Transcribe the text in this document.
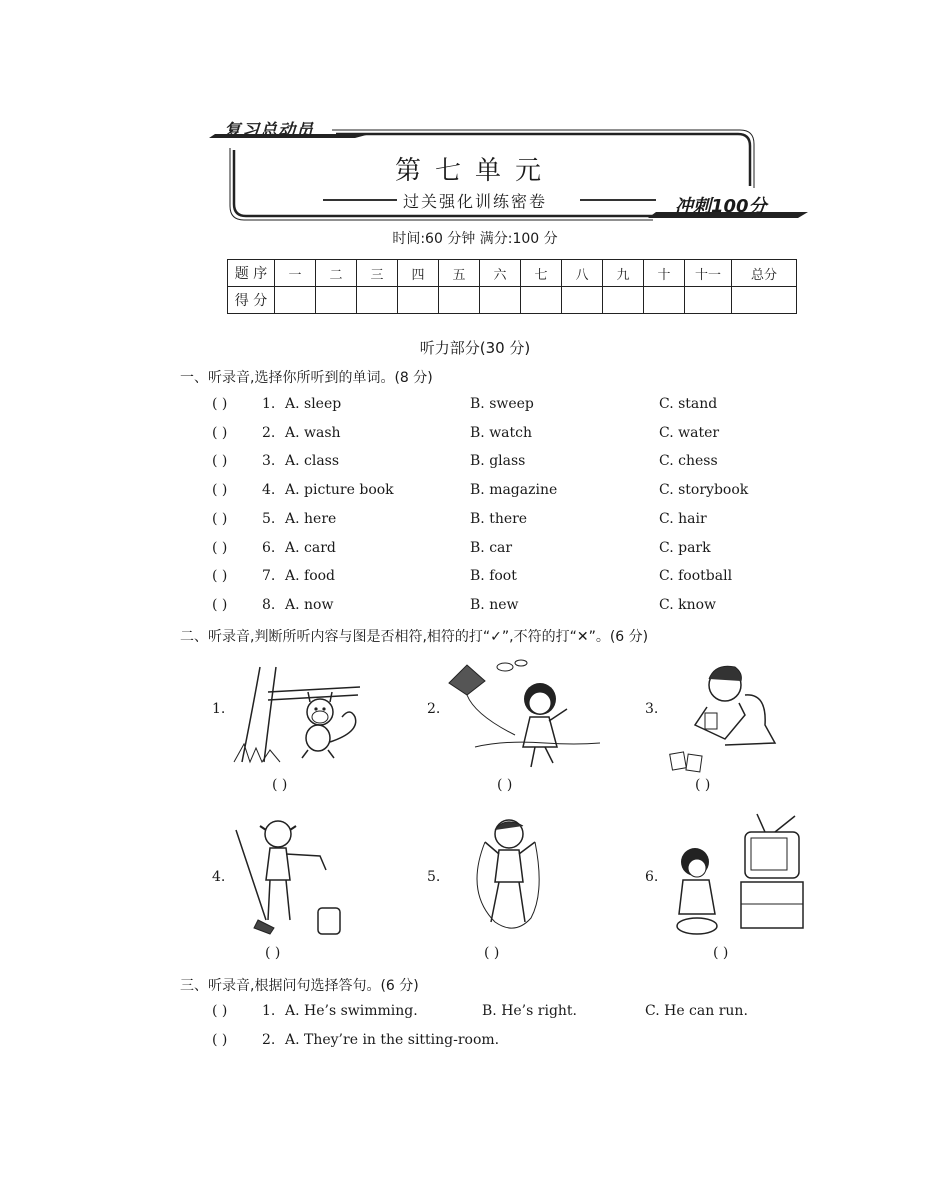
复习总动员
第七单元
过关强化训练密卷	冲刺100分
时间:60 分钟 满分:100 分
题 序	一	二	三	四	五	六	七	八	九	十	十一	总分
得 分												
听力部分(30 分)
一、听录音,选择你所听到的单词。(8 分)
( ) 1. A. sleep	B. sweep	C. stand
( ) 2. A. wash	B. watch	C. water
( ) 3. A. class	B. glass	C. chess
( ) 4. A. picture book	B. magazine	C. storybook
( ) 5. A. here	B. there	C. hair
( ) 6. A. card	B. car	C. park
( ) 7. A. food	B. foot	C. football
( ) 8. A. now	B. new	C. know
二、听录音,判断所听内容与图是否相符,相符的打“✓”,不符的打“✕”。(6 分)
1.	2.	3.
4.	5.	6.
( )	( )	( )
( )	( )	( )
三、听录音,根据问句选择答句。(6 分)
( ) 1. A. He’s swimming.	B. He’s right.	C. He can run.
( ) 2. A. They’re in the sitting-room.
